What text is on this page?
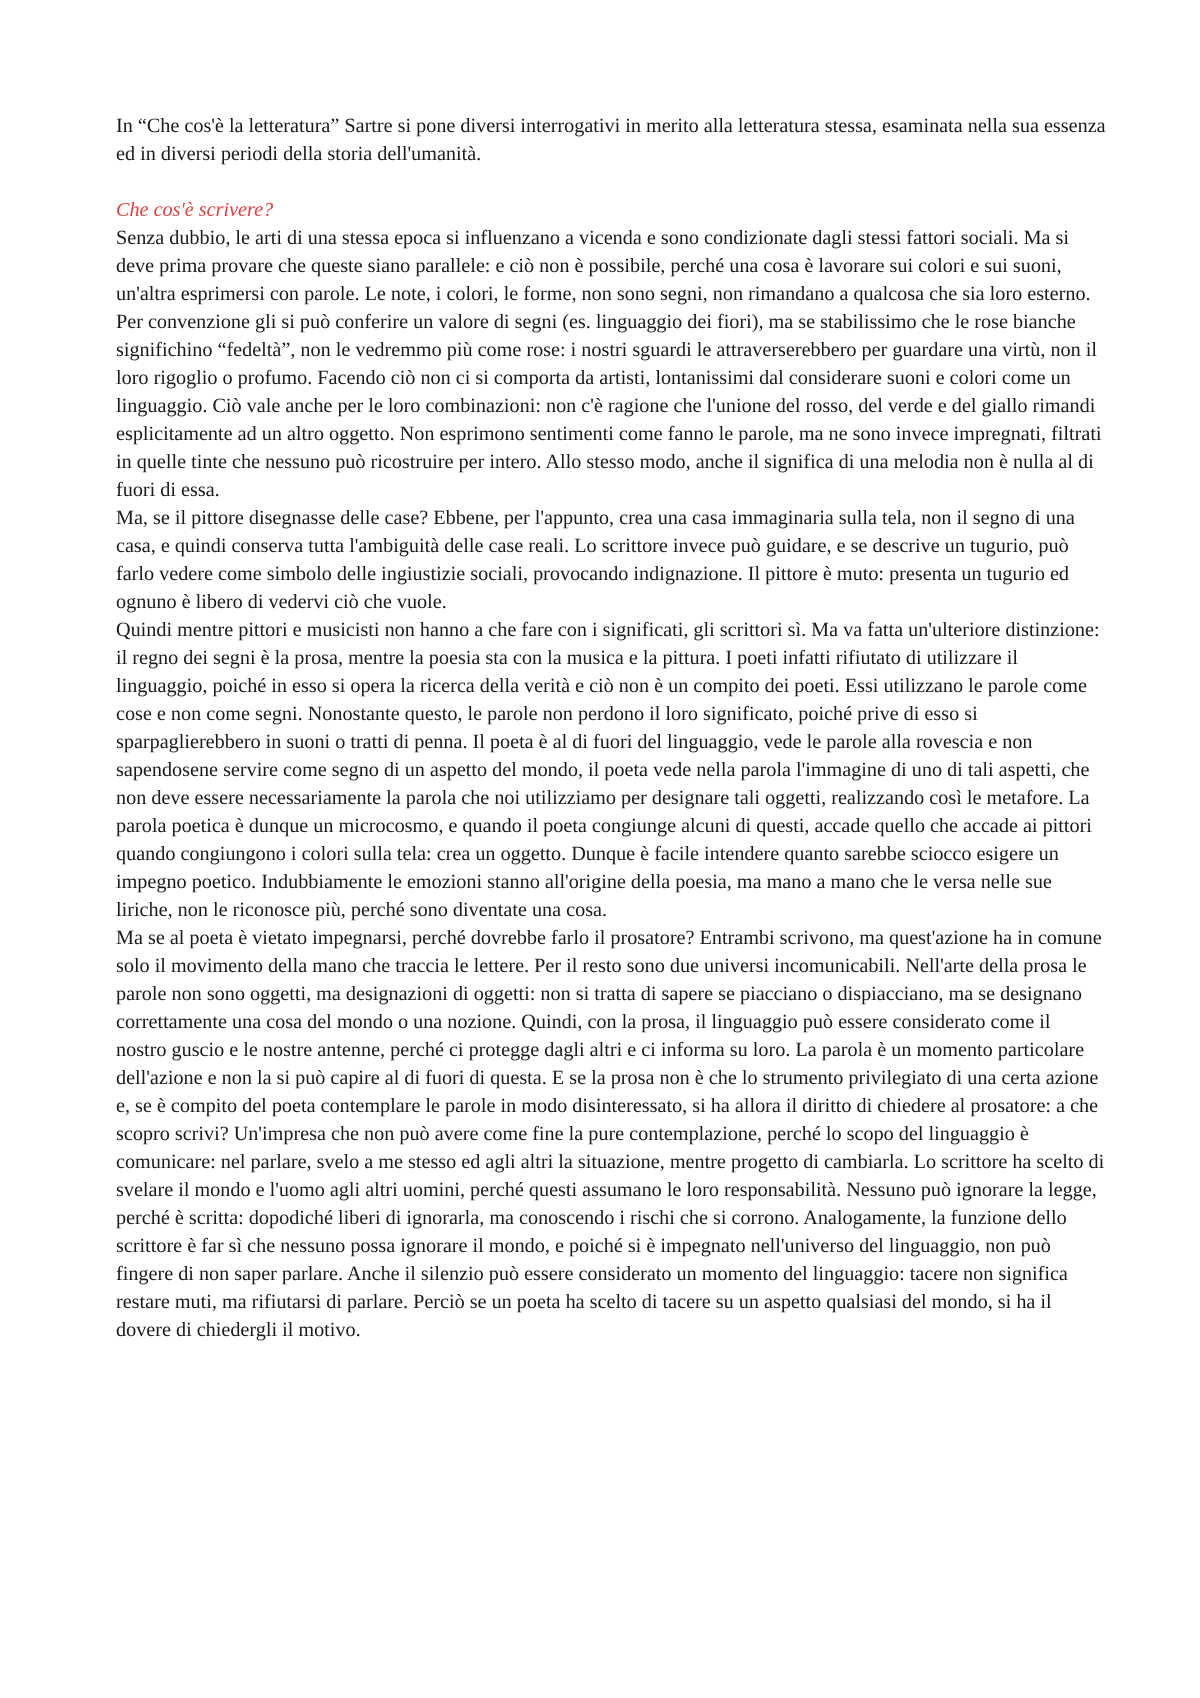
In “Che cos'è la letteratura” Sartre si pone diversi interrogativi in merito alla letteratura stessa, esaminata nella sua essenza ed in diversi periodi della storia dell'umanità.

Che cos'è scrivere?

Senza dubbio, le arti di una stessa epoca si influenzano a vicenda e sono condizionate dagli stessi fattori sociali. Ma si deve prima provare che queste siano parallele: e ciò non è possibile, perché una cosa è lavorare sui colori e sui suoni, un'altra esprimersi con parole. Le note, i colori, le forme, non sono segni, non rimandano a qualcosa che sia loro esterno. Per convenzione gli si può conferire un valore di segni (es. linguaggio dei fiori), ma se stabilissimo che le rose bianche significhino “fedeltà”, non le vedremmo più come rose: i nostri sguardi le attraverserebbero per guardare una virtù, non il loro rigoglio o profumo. Facendo ciò non ci si comporta da artisti, lontanissimi dal considerare suoni e colori come un linguaggio. Ciò vale anche per le loro combinazioni: non c'è ragione che l'unione del rosso, del verde e del giallo rimandi esplicitamente ad un altro oggetto. Non esprimono sentimenti come fanno le parole, ma ne sono invece impregnati, filtrati in quelle tinte che nessuno può ricostruire per intero. Allo stesso modo, anche il significa di una melodia non è nulla al di fuori di essa.

Ma, se il pittore disegnasse delle case? Ebbene, per l'appunto, crea una casa immaginaria sulla tela, non il segno di una casa, e quindi conserva tutta l'ambiguità delle case reali. Lo scrittore invece può guidare, e se descrive un tugurio, può farlo vedere come simbolo delle ingiustizie sociali, provocando indignazione. Il pittore è muto: presenta un tugurio ed ognuno è libero di vedervi ciò che vuole.

Quindi mentre pittori e musicisti non hanno a che fare con i significati, gli scrittori sì. Ma va fatta un'ulteriore distinzione: il regno dei segni è la prosa, mentre la poesia sta con la musica e la pittura. I poeti infatti rifiutato di utilizzare il linguaggio, poiché in esso si opera la ricerca della verità e ciò non è un compito dei poeti. Essi utilizzano le parole come cose e non come segni. Nonostante questo, le parole non perdono il loro significato, poiché prive di esso si sparpaglierebbero in suoni o tratti di penna. Il poeta è al di fuori del linguaggio, vede le parole alla rovescia e non sapendosene servire come segno di un aspetto del mondo, il poeta vede nella parola l'immagine di uno di tali aspetti, che non deve essere necessariamente la parola che noi utilizziamo per designare tali oggetti, realizzando così le metafore. La parola poetica è dunque un microcosmo, e quando il poeta congiunge alcuni di questi, accade quello che accade ai pittori quando congiungono i colori sulla tela: crea un oggetto. Dunque è facile intendere quanto sarebbe sciocco esigere un impegno poetico. Indubbiamente le emozioni stanno all'origine della poesia, ma mano a mano che le versa nelle sue liriche, non le riconosce più, perché sono diventate una cosa.

Ma se al poeta è vietato impegnarsi, perché dovrebbe farlo il prosatore? Entrambi scrivono, ma quest'azione ha in comune solo il movimento della mano che traccia le lettere. Per il resto sono due universi incomunicabili. Nell'arte della prosa le parole non sono oggetti, ma designazioni di oggetti: non si tratta di sapere se piacciano o dispiacciano, ma se designano correttamente una cosa del mondo o una nozione. Quindi, con la prosa, il linguaggio può essere considerato come il nostro guscio e le nostre antenne, perché ci protegge dagli altri e ci informa su loro. La parola è un momento particolare dell'azione e non la si può capire al di fuori di questa. E se la prosa non è che lo strumento privilegiato di una certa azione e, se è compito del poeta contemplare le parole in modo disinteressato, si ha allora il diritto di chiedere al prosatore: a che scopro scrivi? Un'impresa che non può avere come fine la pure contemplazione, perché lo scopo del linguaggio è comunicare: nel parlare, svelo a me stesso ed agli altri la situazione, mentre progetto di cambiarla. Lo scrittore ha scelto di svelare il mondo e l'uomo agli altri uomini, perché questi assumano le loro responsabilità. Nessuno può ignorare la legge, perché è scritta: dopodiché liberi di ignorarla, ma conoscendo i rischi che si corrono. Analogamente, la funzione dello scrittore è far sì che nessuno possa ignorare il mondo, e poiché si è impegnato nell'universo del linguaggio, non può fingere di non saper parlare. Anche il silenzio può essere considerato un momento del linguaggio: tacere non significa restare muti, ma rifiutarsi di parlare. Perciò se un poeta ha scelto di tacere su un aspetto qualsiasi del mondo, si ha il dovere di chiedergli il motivo.
